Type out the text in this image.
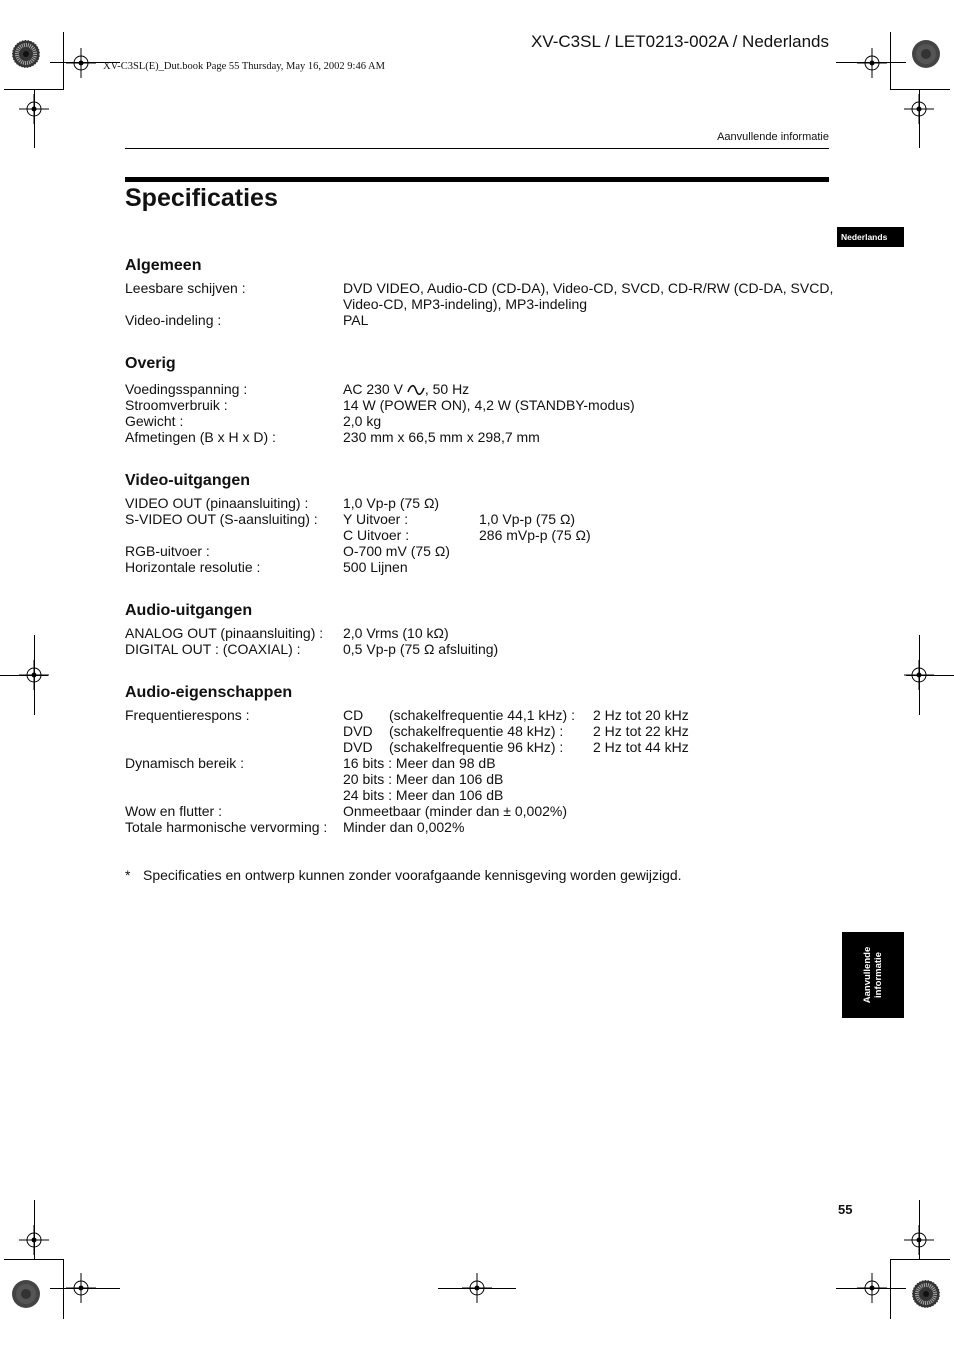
XV-C3SL(E)_Dut.book Page 55 Thursday, May 16, 2002 9:46 AM
XV-C3SL / LET0213-002A / Nederlands
Aanvullende informatie
Specificaties
Nederlands
Aanvullende informatie
Algemeen
Leesbare schijven :	DVD VIDEO, Audio-CD (CD-DA), Video-CD, SVCD, CD-R/RW (CD-DA, SVCD,
Video-CD, MP3-indeling), MP3-indeling
Video-indeling :	PAL
Overig
Voedingsspanning :	AC 230 V , 50 Hz
Stroomverbruik :	14 W (POWER ON), 4,2 W (STANDBY-modus)
Gewicht :	2,0 kg
Afmetingen (B x H x D) :	230 mm x 66,5 mm x 298,7 mm
Video-uitgangen
VIDEO OUT (pinaansluiting) : 1,0 Vp-p (75 Ω)
S-VIDEO OUT (S-aansluiting) : Y Uitvoer :	1,0 Vp-p (75 Ω)
C Uitvoer :	286 mVp-p (75 Ω)
RGB-uitvoer :	O-700 mV (75 Ω)
Horizontale resolutie :	500 Lijnen
Audio-uitgangen
ANALOG OUT (pinaansluiting) : 2,0 Vrms (10 kΩ)
DIGITAL OUT : (COAXIAL) :	0,5 Vp-p (75 Ω afsluiting)
Audio-eigenschappen
Frequentierespons :	CD (schakelfrequentie 44,1 kHz) : 2 Hz tot 20 kHz
DVD (schakelfrequentie 48 kHz) : 2 Hz tot 22 kHz
DVD (schakelfrequentie 96 kHz) : 2 Hz tot 44 kHz
Dynamisch bereik :	16 bits : Meer dan 98 dB
20 bits : Meer dan 106 dB
24 bits : Meer dan 106 dB
Wow en flutter :	Onmeetbaar (minder dan ± 0,002%)
Totale harmonische vervorming : Minder dan 0,002%
* Specificaties en ontwerp kunnen zonder voorafgaande kennisgeving worden gewijzigd.
55
